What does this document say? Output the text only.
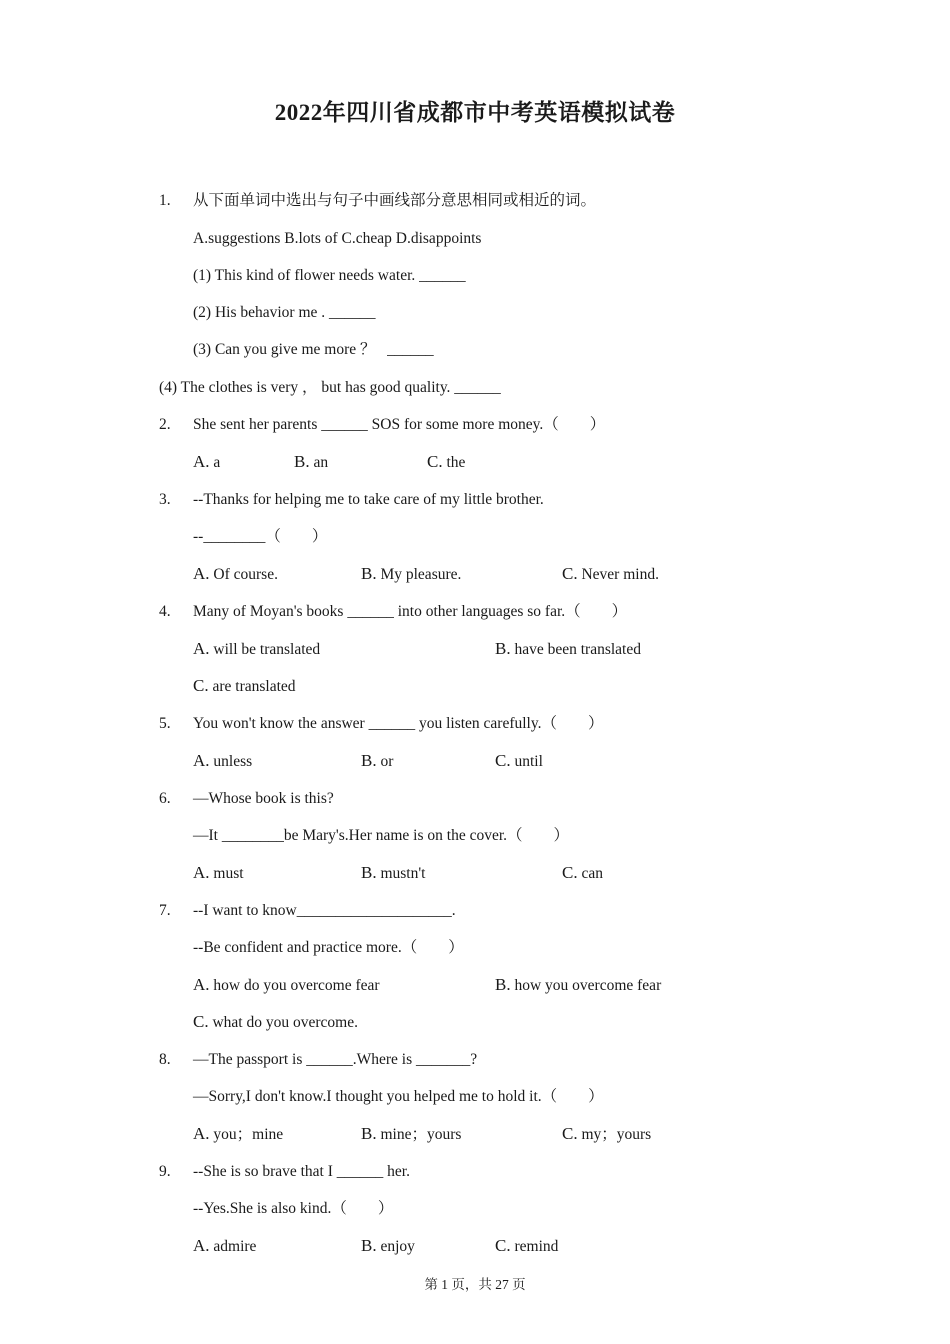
2022年四川省成都市中考英语模拟试卷
1. 从下面单词中选出与句子中画线部分意思相同或相近的词。
A.suggestions B.lots of C.cheap D.disappoints
(1) This kind of flower needs water. ______
(2) His behavior me . ______
(3) Can you give me more ？   ______
(4) The clothes is very ， but has good quality. ______
2. She sent her parents ______ SOS for some more money.（　　）
A. a	B. an	C. the
3. --Thanks for helping me to take care of my little brother.
--________（　　）
A. Of course.	B. My pleasure.	C. Never mind.
4. Many of Moyan's books ______ into other languages so far.（　　）
A. will be translated	B. have been translated
C. are translated
5. You won't know the answer ______ you listen carefully.（　　）
A. unless	B. or	C. until
6. —Whose book is this?
—It ________be Mary's.Her name is on the cover.（　　）
A. must	B. mustn't	C. can
7. --I want to know____________________.
--Be confident and practice more.（　　）
A. how do you overcome fear	B. how you overcome fear
C. what do you overcome.
8. —The passport is ______.Where is _______?
—Sorry,I don't know.I thought you helped me to hold it.（　　）
A. you；mine	B. mine；yours	C. my；yours
9. --She is so brave that I ______ her.
--Yes.She is also kind.（　　）
A. admire	B. enjoy	C. remind
第 1 页，共 27 页
